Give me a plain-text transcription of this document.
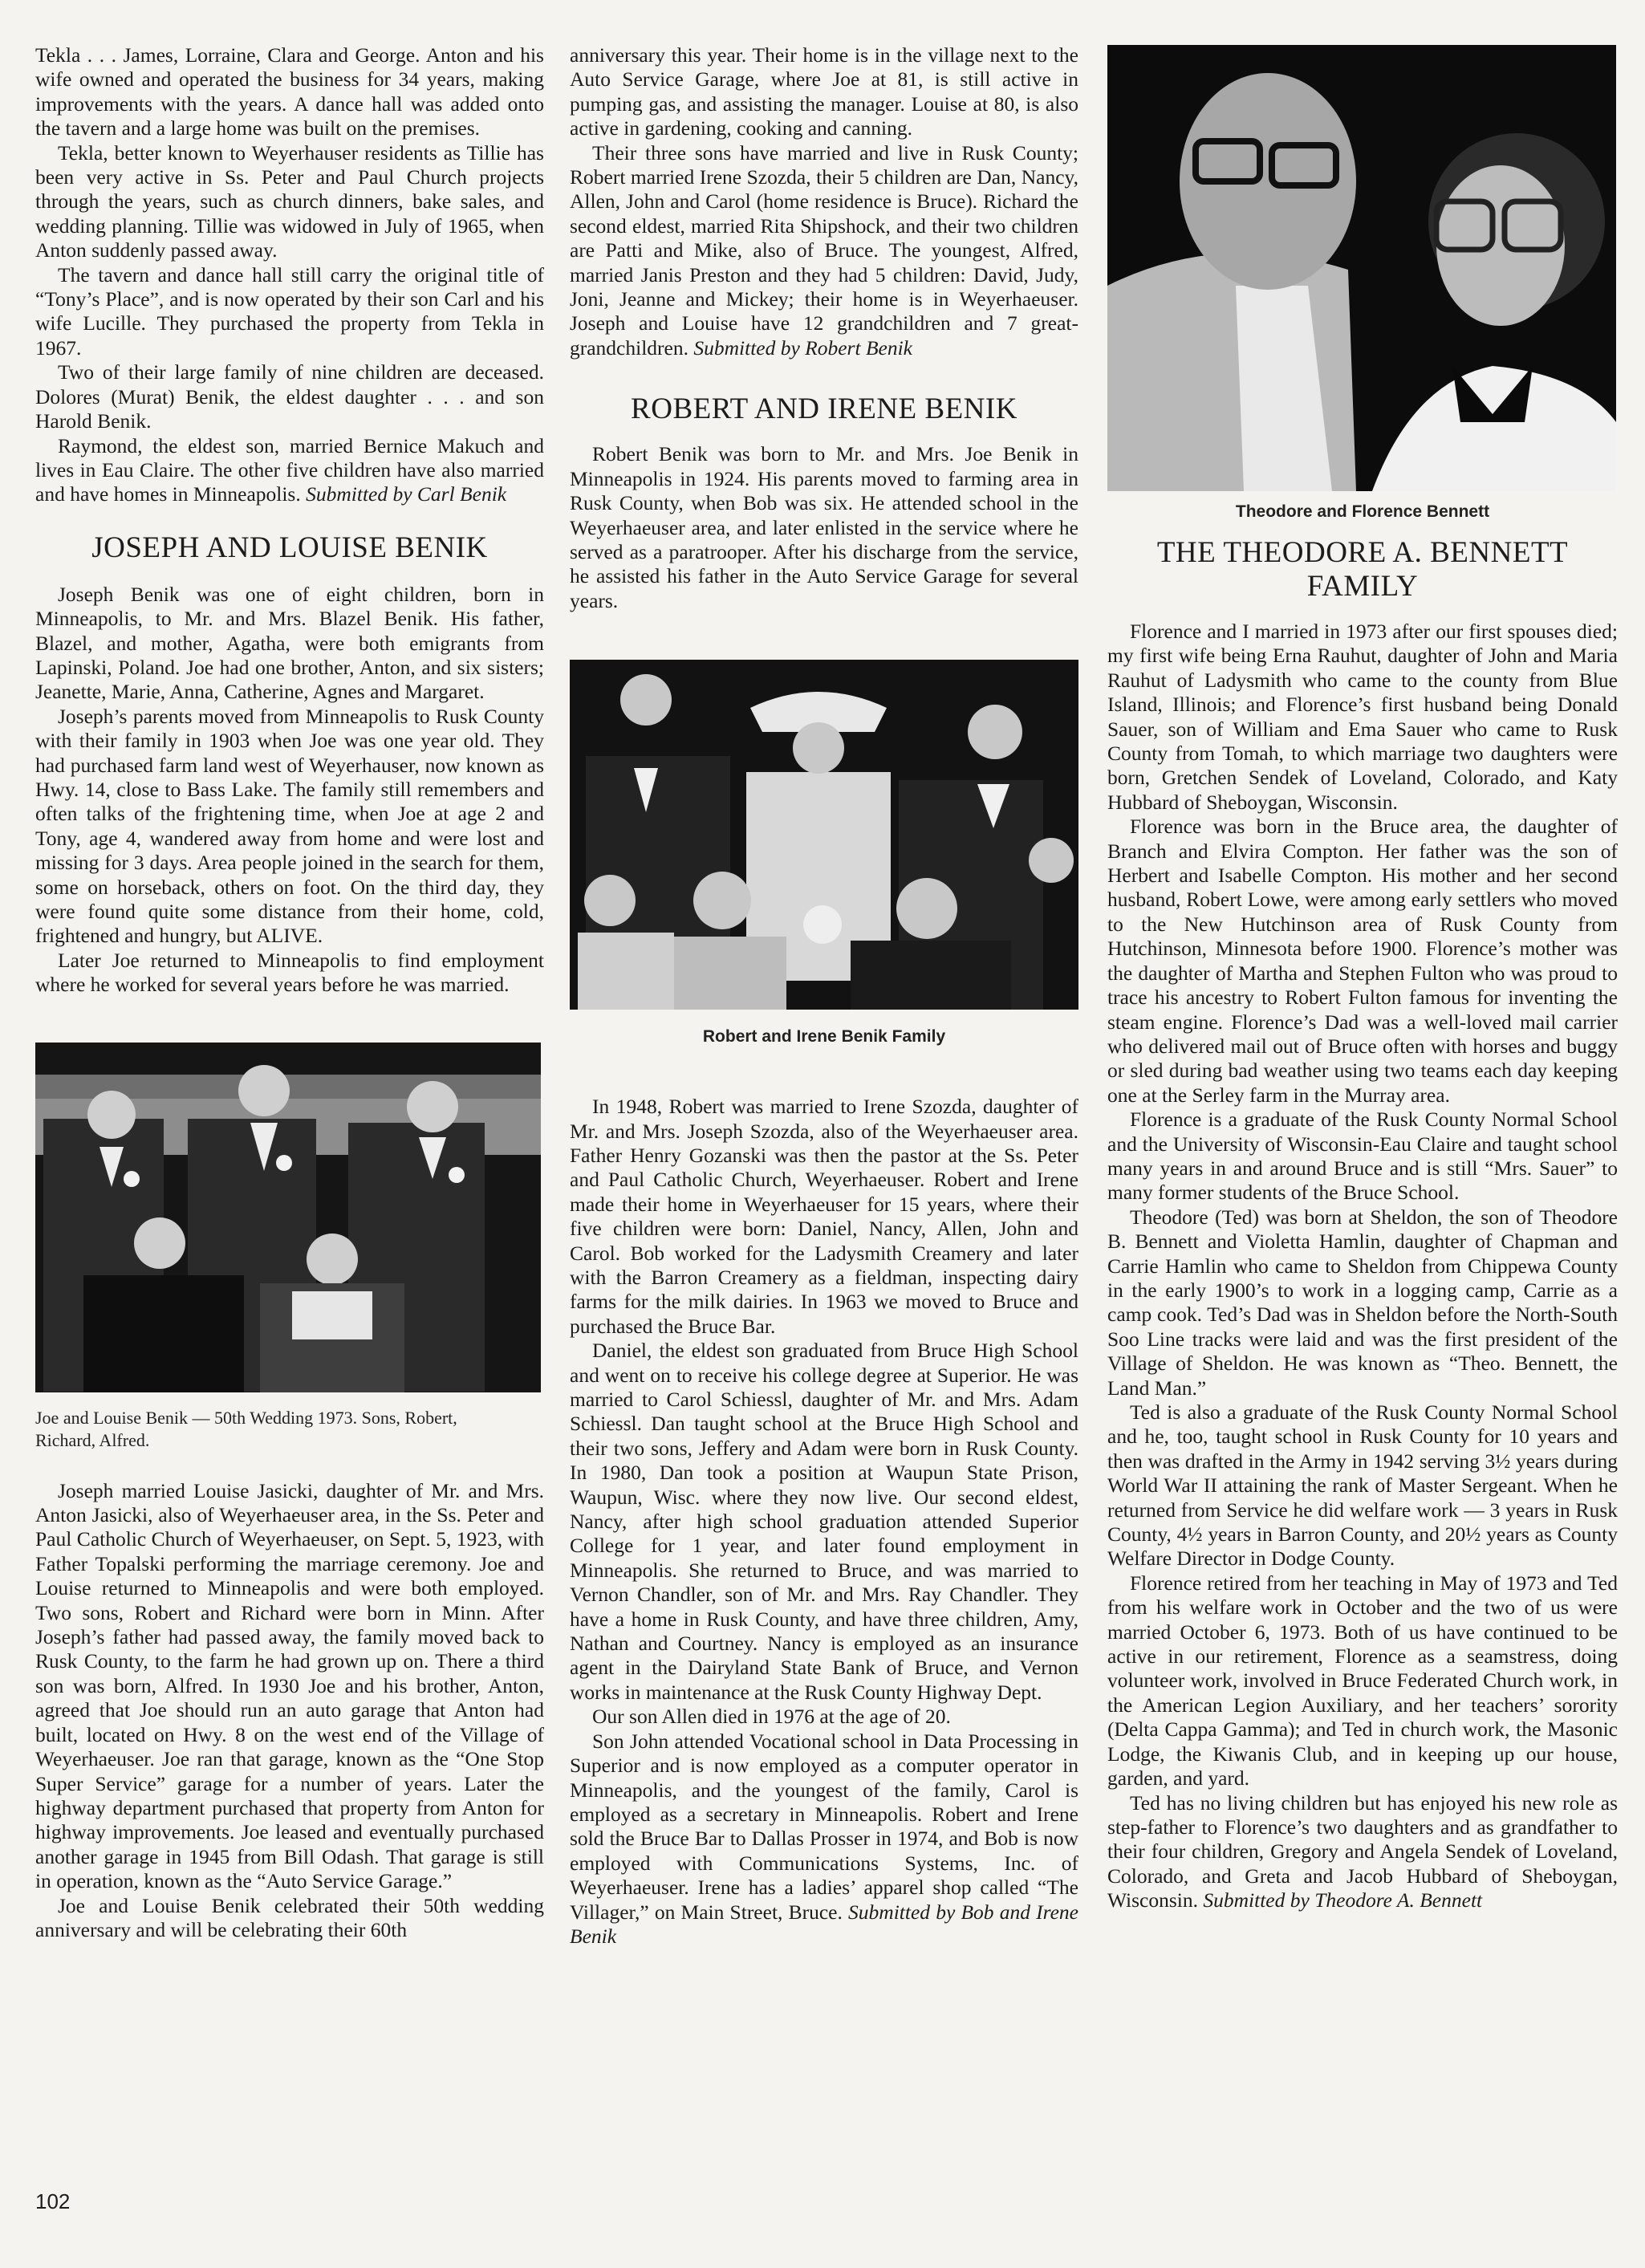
Tekla . . . James, Lorraine, Clara and George. Anton and his wife owned and operated the business for 34 years, making improvements with the years. A dance hall was added onto the tavern and a large home was built on the premises.

Tekla, better known to Weyerhauser residents as Tillie has been very active in Ss. Peter and Paul Church projects through the years, such as church dinners, bake sales, and wedding planning. Tillie was widowed in July of 1965, when Anton suddenly passed away.

The tavern and dance hall still carry the original title of “Tony’s Place”, and is now operated by their son Carl and his wife Lucille. They purchased the property from Tekla in 1967.

Two of their large family of nine children are deceased. Dolores (Murat) Benik, the eldest daughter . . . and son Harold Benik.

Raymond, the eldest son, married Bernice Makuch and lives in Eau Claire. The other five children have also married and have homes in Minneapolis. Submitted by Carl Benik

JOSEPH AND LOUISE BENIK

Joseph Benik was one of eight children, born in Minneapolis, to Mr. and Mrs. Blazel Benik. His father, Blazel, and mother, Agatha, were both emigrants from Lapinski, Poland. Joe had one brother, Anton, and six sisters; Jeanette, Marie, Anna, Catherine, Agnes and Margaret.

Joseph’s parents moved from Minneapolis to Rusk County with their family in 1903 when Joe was one year old. They had purchased farm land west of Weyerhauser, now known as Hwy. 14, close to Bass Lake. The family still remembers and often talks of the frightening time, when Joe at age 2 and Tony, age 4, wandered away from home and were lost and missing for 3 days. Area people joined in the search for them, some on horseback, others on foot. On the third day, they were found quite some distance from their home, cold, frightened and hungry, but ALIVE.

Later Joe returned to Minneapolis to find employment where he worked for several years before he was married.

Joe and Louise Benik — 50th Wedding 1973. Sons, Robert, Richard, Alfred.

Joseph married Louise Jasicki, daughter of Mr. and Mrs. Anton Jasicki, also of Weyerhaeuser area, in the Ss. Peter and Paul Catholic Church of Weyerhaeuser, on Sept. 5, 1923, with Father Topalski performing the marriage ceremony. Joe and Louise returned to Minneapolis and were both employed. Two sons, Robert and Richard were born in Minn. After Joseph’s father had passed away, the family moved back to Rusk County, to the farm he had grown up on. There a third son was born, Alfred. In 1930 Joe and his brother, Anton, agreed that Joe should run an auto garage that Anton had built, located on Hwy. 8 on the west end of the Village of Weyerhaeuser. Joe ran that garage, known as the “One Stop Super Service” garage for a number of years. Later the highway department purchased that property from Anton for highway improvements. Joe leased and eventually purchased another garage in 1945 from Bill Odash. That garage is still in operation, known as the “Auto Service Garage.”

Joe and Louise Benik celebrated their 50th wedding anniversary and will be celebrating their 60th

anniversary this year. Their home is in the village next to the Auto Service Garage, where Joe at 81, is still active in pumping gas, and assisting the manager. Louise at 80, is also active in gardening, cooking and canning.

Their three sons have married and live in Rusk County; Robert married Irene Szozda, their 5 children are Dan, Nancy, Allen, John and Carol (home residence is Bruce). Richard the second eldest, married Rita Shipshock, and their two children are Patti and Mike, also of Bruce. The youngest, Alfred, married Janis Preston and they had 5 children: David, Judy, Joni, Jeanne and Mickey; their home is in Weyerhaeuser. Joseph and Louise have 12 grandchildren and 7 great-grandchildren. Submitted by Robert Benik

ROBERT AND IRENE BENIK

Robert Benik was born to Mr. and Mrs. Joe Benik in Minneapolis in 1924. His parents moved to farming area in Rusk County, when Bob was six. He attended school in the Weyerhaeuser area, and later enlisted in the service where he served as a paratrooper. After his discharge from the service, he assisted his father in the Auto Service Garage for several years.

Robert and Irene Benik Family

In 1948, Robert was married to Irene Szozda, daughter of Mr. and Mrs. Joseph Szozda, also of the Weyerhaeuser area. Father Henry Gozanski was then the pastor at the Ss. Peter and Paul Catholic Church, Weyerhaeuser. Robert and Irene made their home in Weyerhaeuser for 15 years, where their five children were born: Daniel, Nancy, Allen, John and Carol. Bob worked for the Ladysmith Creamery and later with the Barron Creamery as a fieldman, inspecting dairy farms for the milk dairies. In 1963 we moved to Bruce and purchased the Bruce Bar.

Daniel, the eldest son graduated from Bruce High School and went on to receive his college degree at Superior. He was married to Carol Schiessl, daughter of Mr. and Mrs. Adam Schiessl. Dan taught school at the Bruce High School and their two sons, Jeffery and Adam were born in Rusk County. In 1980, Dan took a position at Waupun State Prison, Waupun, Wisc. where they now live. Our second eldest, Nancy, after high school graduation attended Superior College for 1 year, and later found employment in Minneapolis. She returned to Bruce, and was married to Vernon Chandler, son of Mr. and Mrs. Ray Chandler. They have a home in Rusk County, and have three children, Amy, Nathan and Courtney. Nancy is employed as an insurance agent in the Dairyland State Bank of Bruce, and Vernon works in maintenance at the Rusk County Highway Dept.

Our son Allen died in 1976 at the age of 20.

Son John attended Vocational school in Data Processing in Superior and is now employed as a computer operator in Minneapolis, and the youngest of the family, Carol is employed as a secretary in Minneapolis. Robert and Irene sold the Bruce Bar to Dallas Prosser in 1974, and Bob is now employed with Communications Systems, Inc. of Weyerhaeuser. Irene has a ladies’ apparel shop called “The Villager,” on Main Street, Bruce. Submitted by Bob and Irene Benik

Theodore and Florence Bennett
THE THEODORE A. BENNETT FAMILY

Florence and I married in 1973 after our first spouses died; my first wife being Erna Rauhut, daughter of John and Maria Rauhut of Ladysmith who came to the county from Blue Island, Illinois; and Florence’s first husband being Donald Sauer, son of William and Ema Sauer who came to Rusk County from Tomah, to which marriage two daughters were born, Gretchen Sendek of Loveland, Colorado, and Katy Hubbard of Sheboygan, Wisconsin.

Florence was born in the Bruce area, the daughter of Branch and Elvira Compton. Her father was the son of Herbert and Isabelle Compton. His mother and her second husband, Robert Lowe, were among early settlers who moved to the New Hutchinson area of Rusk County from Hutchinson, Minnesota before 1900. Florence’s mother was the daughter of Martha and Stephen Fulton who was proud to trace his ancestry to Robert Fulton famous for inventing the steam engine. Florence’s Dad was a well-loved mail carrier who delivered mail out of Bruce often with horses and buggy or sled during bad weather using two teams each day keeping one at the Serley farm in the Murray area.

Florence is a graduate of the Rusk County Normal School and the University of Wisconsin-Eau Claire and taught school many years in and around Bruce and is still “Mrs. Sauer” to many former students of the Bruce School.

Theodore (Ted) was born at Sheldon, the son of Theodore B. Bennett and Violetta Hamlin, daughter of Chapman and Carrie Hamlin who came to Sheldon from Chippewa County in the early 1900’s to work in a logging camp, Carrie as a camp cook. Ted’s Dad was in Sheldon before the North-South Soo Line tracks were laid and was the first president of the Village of Sheldon. He was known as “Theo. Bennett, the Land Man.”

Ted is also a graduate of the Rusk County Normal School and he, too, taught school in Rusk County for 10 years and then was drafted in the Army in 1942 serving 3½ years during World War II attaining the rank of Master Sergeant. When he returned from Service he did welfare work — 3 years in Rusk County, 4½ years in Barron County, and 20½ years as County Welfare Director in Dodge County.

Florence retired from her teaching in May of 1973 and Ted from his welfare work in October and the two of us were married October 6, 1973. Both of us have continued to be active in our retirement, Florence as a seamstress, doing volunteer work, involved in Bruce Federated Church work, in the American Legion Auxiliary, and her teachers’ sorority (Delta Cappa Gamma); and Ted in church work, the Masonic Lodge, the Kiwanis Club, and in keeping up our house, garden, and yard.

Ted has no living children but has enjoyed his new role as step-father to Florence’s two daughters and as grandfather to their four children, Gregory and Angela Sendek of Loveland, Colorado, and Greta and Jacob Hubbard of Sheboygan, Wisconsin. Submitted by Theodore A. Bennett

102
